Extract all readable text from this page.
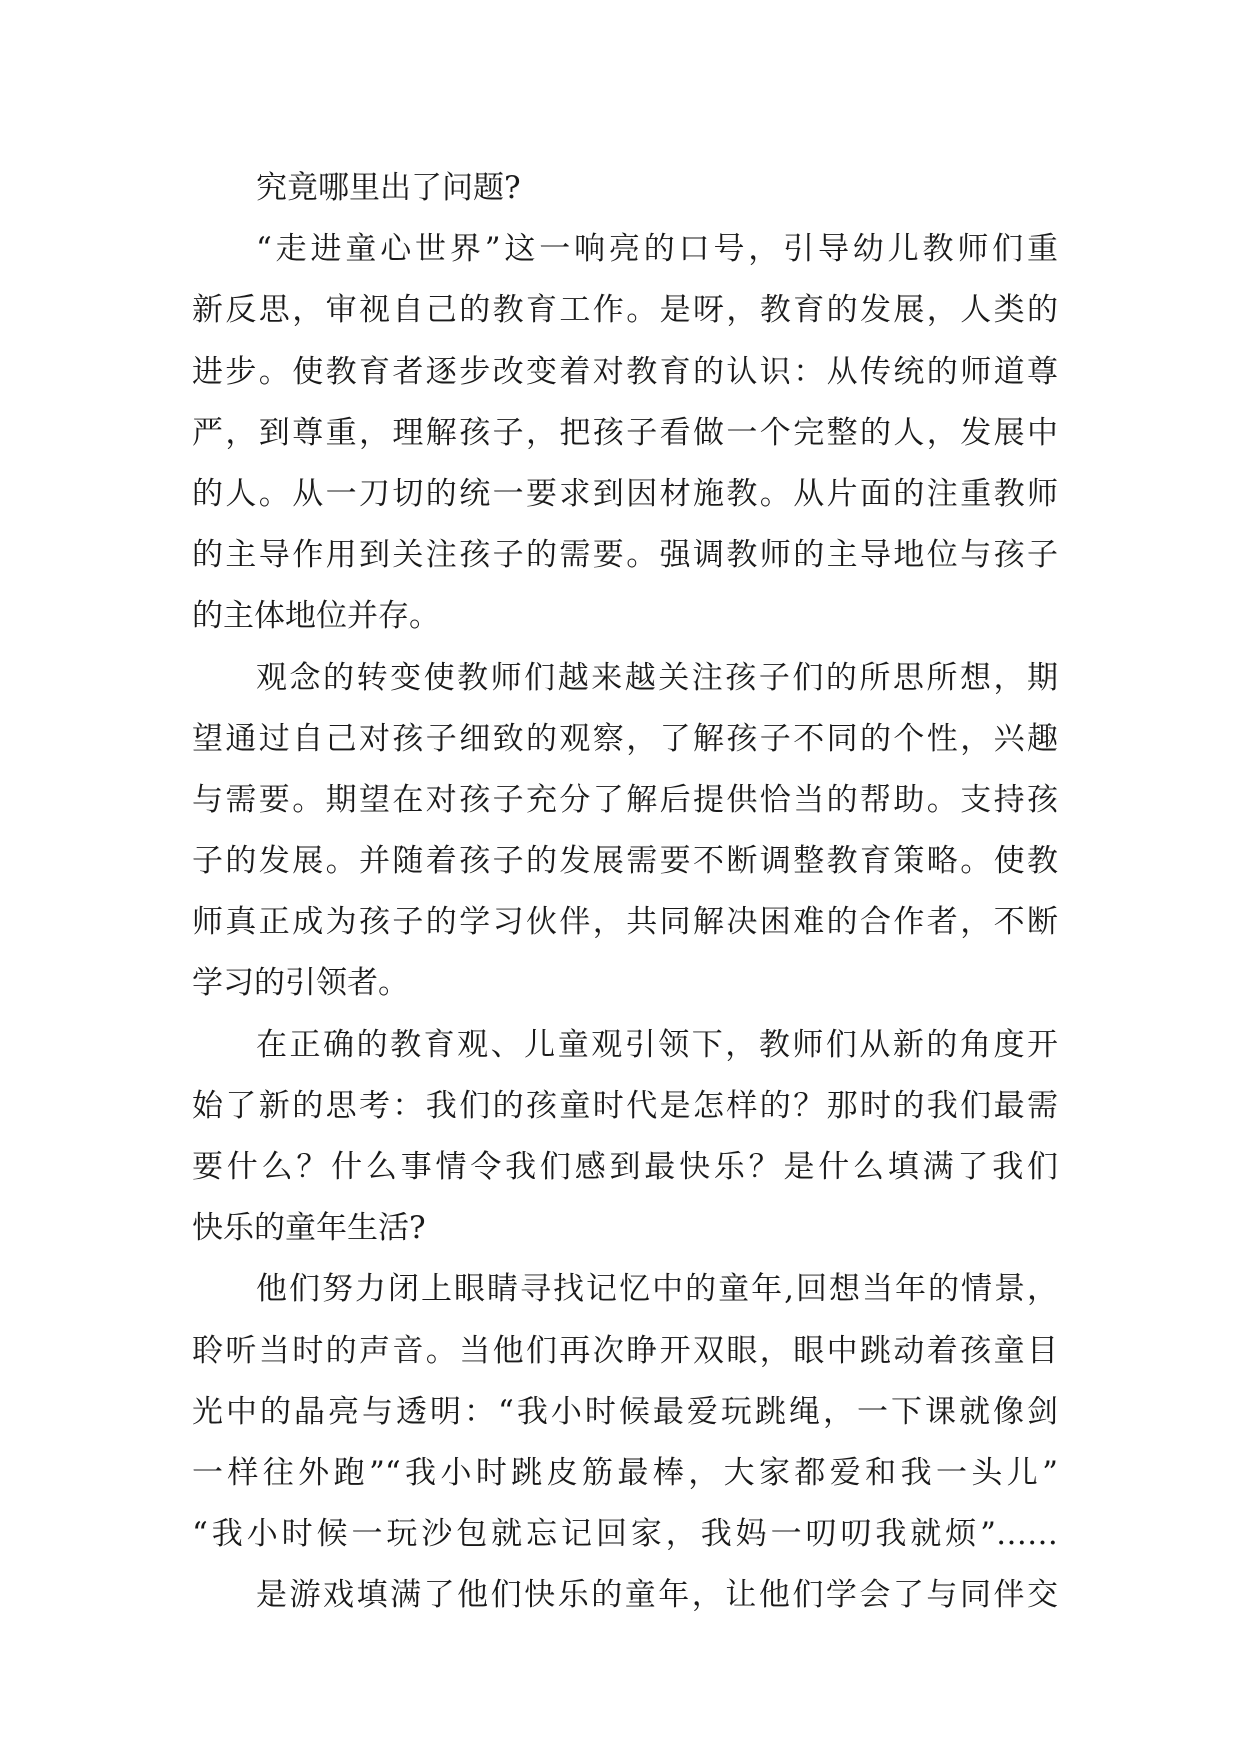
究竟哪里出了问题?
“走进童心世界”这一响亮的口号，引导幼儿教师们重
新反思，审视自己的教育工作。是呀，教育的发展，人类的
进步。使教育者逐步改变着对教育的认识：从传统的师道尊
严，到尊重，理解孩子，把孩子看做一个完整的人，发展中
的人。从一刀切的统一要求到因材施教。从片面的注重教师
的主导作用到关注孩子的需要。强调教师的主导地位与孩子
的主体地位并存。
观念的转变使教师们越来越关注孩子们的所思所想，期
望通过自己对孩子细致的观察，了解孩子不同的个性，兴趣
与需要。期望在对孩子充分了解后提供恰当的帮助。支持孩
子的发展。并随着孩子的发展需要不断调整教育策略。使教
师真正成为孩子的学习伙伴，共同解决困难的合作者，不断
学习的引领者。
在正确的教育观、儿童观引领下，教师们从新的角度开
始了新的思考：我们的孩童时代是怎样的？那时的我们最需
要什么？什么事情令我们感到最快乐？是什么填满了我们
快乐的童年生活?
他们努力闭上眼睛寻找记忆中的童年,回想当年的情景，
聆听当时的声音。当他们再次睁开双眼，眼中跳动着孩童目
光中的晶亮与透明：“我小时候最爱玩跳绳，一下课就像剑
一样往外跑”“我小时跳皮筋最棒，大家都爱和我一头儿”
“我小时候一玩沙包就忘记回家，我妈一叨叨我就烦”……
是游戏填满了他们快乐的童年，让他们学会了与同伴交
